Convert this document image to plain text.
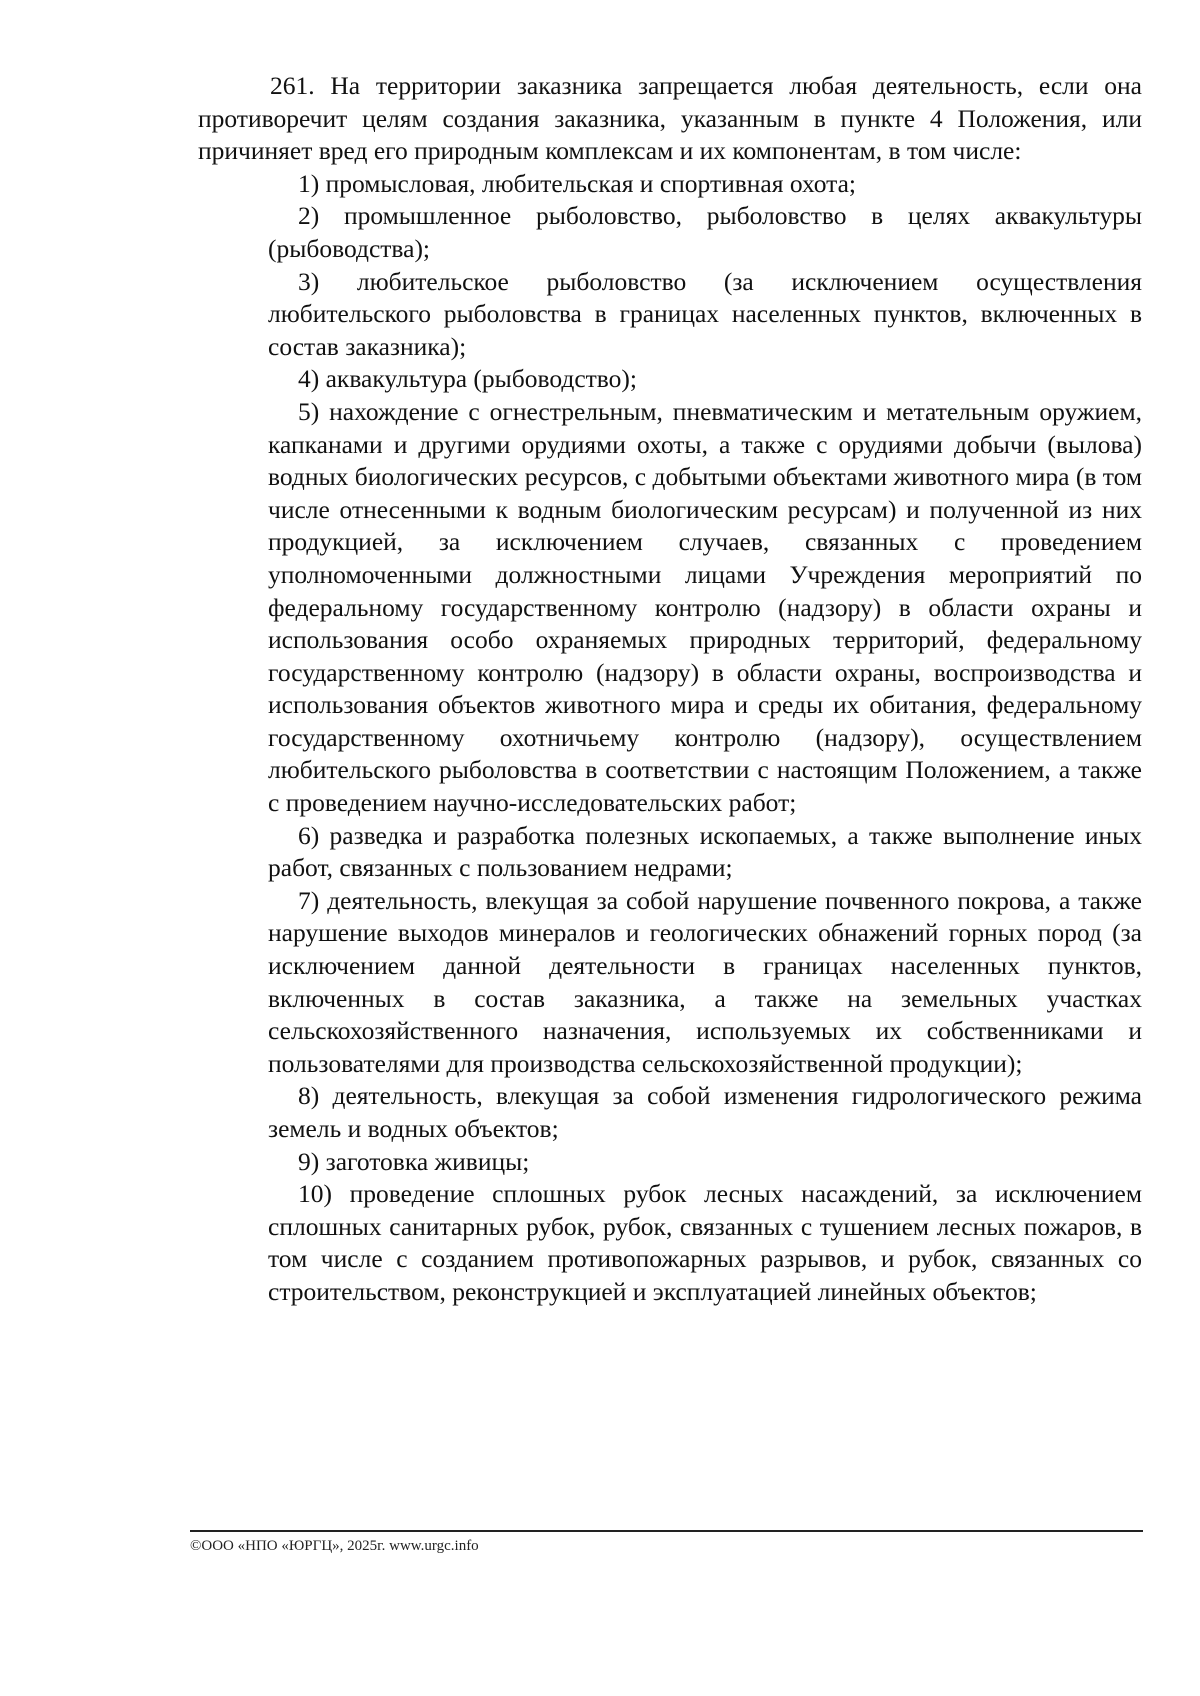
261. На территории заказника запрещается любая деятельность, если она противоречит целям создания заказника, указанным в пункте 4 Положения, или причиняет вред его природным комплексам и их компонентам, в том числе:

1) промысловая, любительская и спортивная охота;

2) промышленное рыболовство, рыболовство в целях аквакультуры (рыбоводства);

3) любительское рыболовство (за исключением осуществления любительского рыболовства в границах населенных пунктов, включенных в состав заказника);

4) аквакультура (рыбоводство);

5) нахождение с огнестрельным, пневматическим и метательным оружием, капканами и другими орудиями охоты, а также с орудиями добычи (вылова) водных биологических ресурсов, с добытыми объектами животного мира (в том числе отнесенными к водным биологическим ресурсам) и полученной из них продукцией, за исключением случаев, связанных с проведением уполномоченными должностными лицами Учреждения мероприятий по федеральному государственному контролю (надзору) в области охраны и использования особо охраняемых природных территорий, федеральному государственному контролю (надзору) в области охраны, воспроизводства и использования объектов животного мира и среды их обитания, федеральному государственному охотничьему контролю (надзору), осуществлением любительского рыболовства в соответствии с настоящим Положением, а также с проведением научно-исследовательских работ;

6) разведка и разработка полезных ископаемых, а также выполнение иных работ, связанных с пользованием недрами;

7) деятельность, влекущая за собой нарушение почвенного покрова, а также нарушение выходов минералов и геологических обнажений горных пород (за исключением данной деятельности в границах населенных пунктов, включенных в состав заказника, а также на земельных участках сельскохозяйственного назначения, используемых их собственниками и пользователями для производства сельскохозяйственной продукции);

8) деятельность, влекущая за собой изменения гидрологического режима земель и водных объектов;

9) заготовка живицы;

10) проведение сплошных рубок лесных насаждений, за исключением сплошных санитарных рубок, рубок, связанных с тушением лесных пожаров, в том числе с созданием противопожарных разрывов, и рубок, связанных со строительством, реконструкцией и эксплуатацией линейных объектов;

©ООО «НПО «ЮРГЦ», 2025г. www.urgc.info
